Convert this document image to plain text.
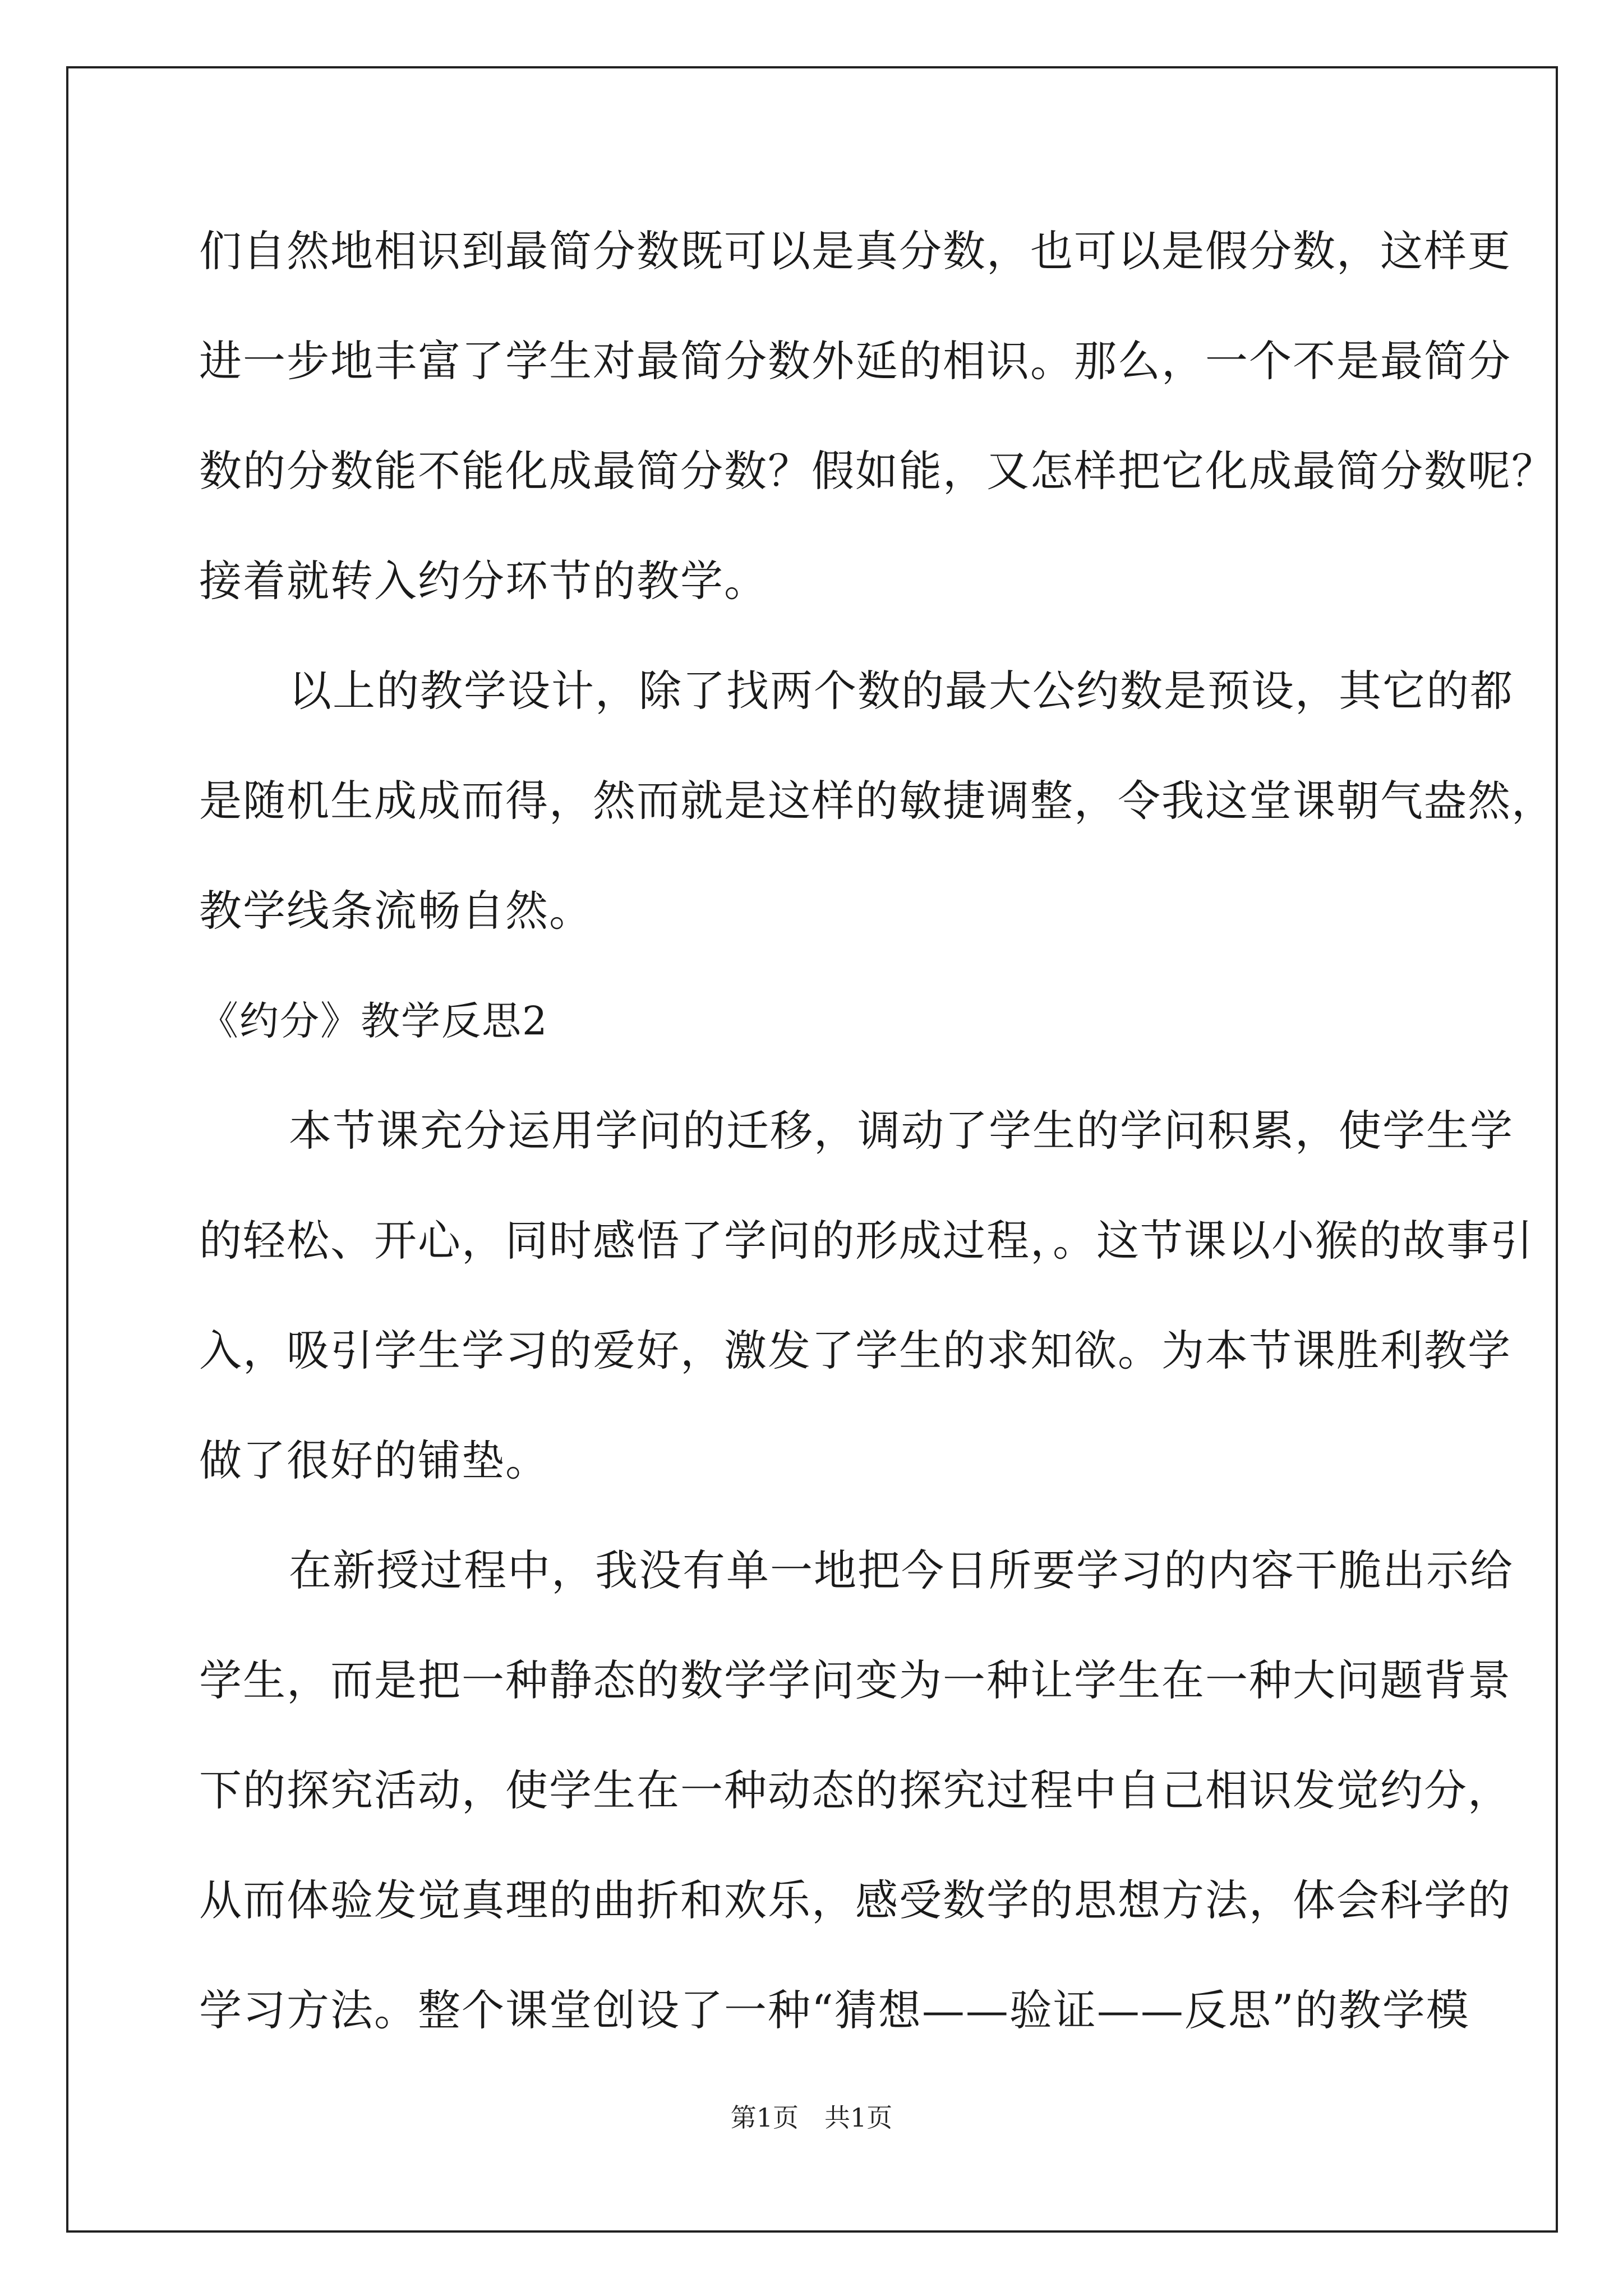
们自然地相识到最简分数既可以是真分数，也可以是假分数，这样更
进一步地丰富了学生对最简分数外延的相识。那么，一个不是最简分
数的分数能不能化成最简分数？假如能，又怎样把它化成最简分数呢？
接着就转入约分环节的教学。
以上的教学设计，除了找两个数的最大公约数是预设，其它的都
是随机生成成而得，然而就是这样的敏捷调整，令我这堂课朝气盎然，
教学线条流畅自然。
《约分》教学反思2
本节课充分运用学问的迁移，调动了学生的学问积累，使学生学
的轻松、开心，同时感悟了学问的形成过程，。这节课以小猴的故事引
入，吸引学生学习的爱好，激发了学生的求知欲。为本节课胜利教学
做了很好的铺垫。
在新授过程中，我没有单一地把今日所要学习的内容干脆出示给
学生，而是把一种静态的数学学问变为一种让学生在一种大问题背景
下的探究活动，使学生在一种动态的探究过程中自己相识发觉约分，
从而体验发觉真理的曲折和欢乐，感受数学的思想方法，体会科学的
学习方法。整个课堂创设了一种“猜想——验证——反思”的教学模
第1页　共1页
